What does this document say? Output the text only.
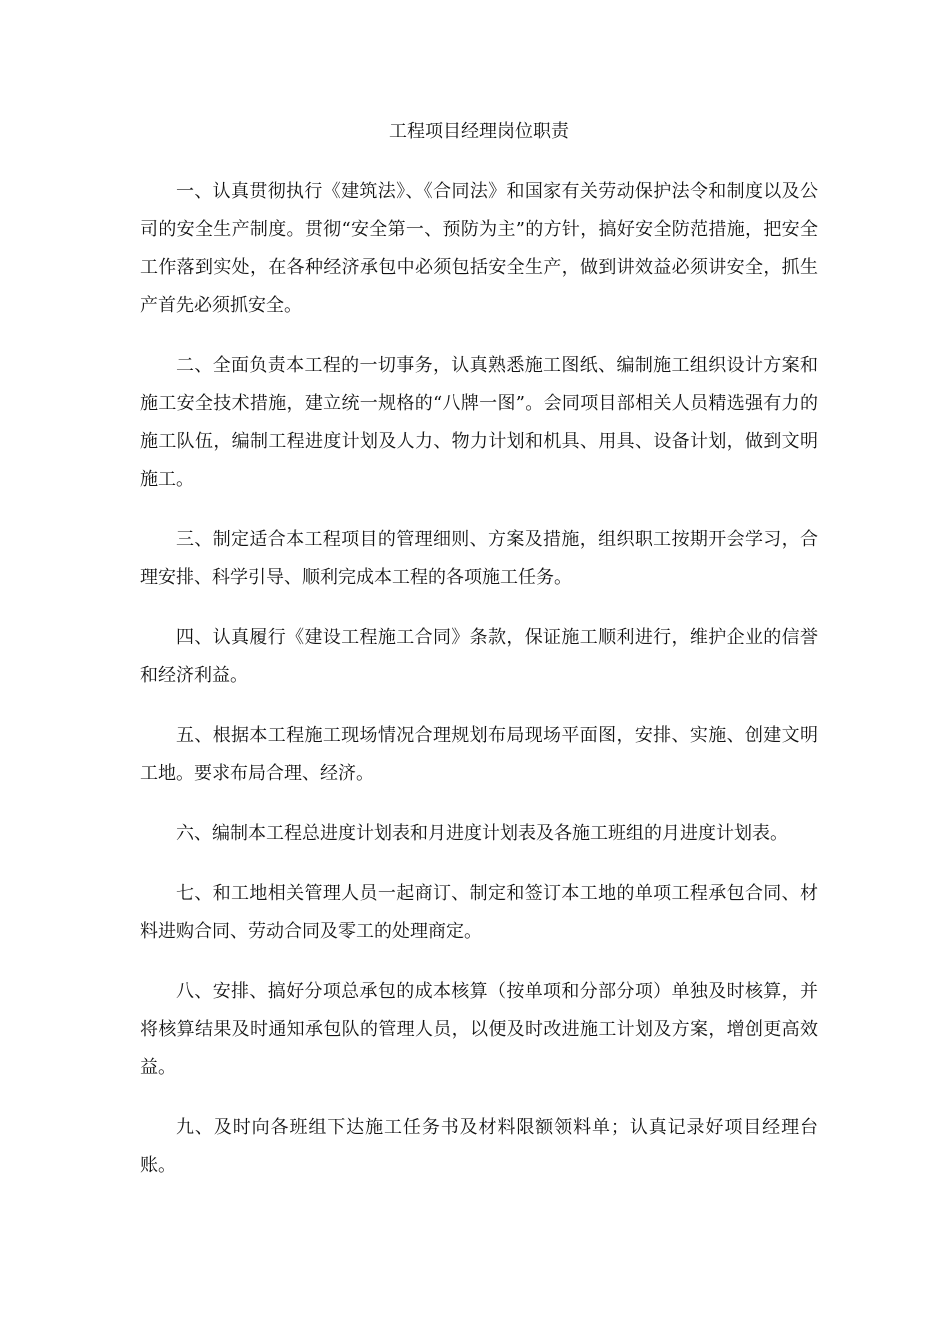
工程项目经理岗位职责

一、认真贯彻执行《建筑法》、《合同法》和国家有关劳动保护法令和制度以及公司的安全生产制度。贯彻“安全第一、预防为主”的方针，搞好安全防范措施，把安全工作落到实处，在各种经济承包中必须包括安全生产，做到讲效益必须讲安全，抓生产首先必须抓安全。

二、全面负责本工程的一切事务，认真熟悉施工图纸、编制施工组织设计方案和施工安全技术措施，建立统一规格的“八牌一图”。会同项目部相关人员精选强有力的施工队伍，编制工程进度计划及人力、物力计划和机具、用具、设备计划，做到文明施工。

三、制定适合本工程项目的管理细则、方案及措施，组织职工按期开会学习，合理安排、科学引导、顺利完成本工程的各项施工任务。

四、认真履行《建设工程施工合同》条款，保证施工顺利进行，维护企业的信誉和经济利益。

五、根据本工程施工现场情况合理规划布局现场平面图，安排、实施、创建文明工地。要求布局合理、经济。

六、编制本工程总进度计划表和月进度计划表及各施工班组的月进度计划表。

七、和工地相关管理人员一起商订、制定和签订本工地的单项工程承包合同、材料进购合同、劳动合同及零工的处理商定。

八、安排、搞好分项总承包的成本核算（按单项和分部分项）单独及时核算，并将核算结果及时通知承包队的管理人员，以便及时改进施工计划及方案，增创更高效益。

九、及时向各班组下达施工任务书及材料限额领料单；认真记录好项目经理台账。
